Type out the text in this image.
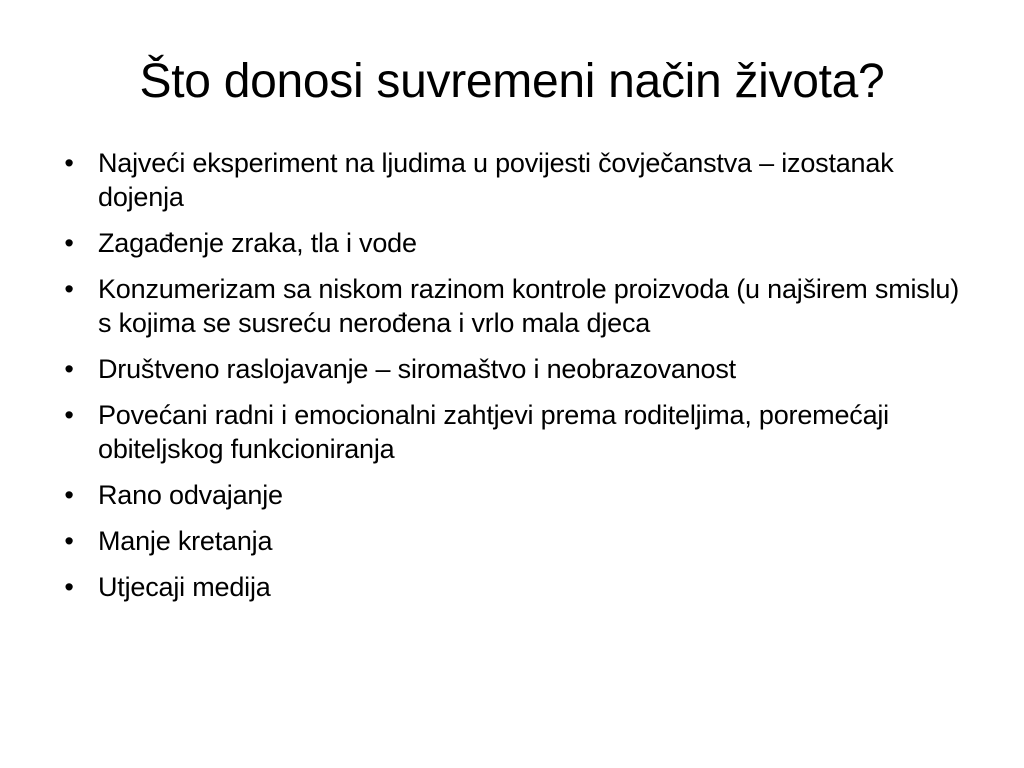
Što donosi suvremeni način života?
• Najveći eksperiment na ljudima u povijesti čovječanstva – izostanak dojenja
• Zagađenje zraka, tla i vode
• Konzumerizam sa niskom razinom kontrole proizvoda (u najširem smislu) s kojima se susreću nerođena i vrlo mala djeca
• Društveno raslojavanje – siromaštvo i neobrazovanost
• Povećani radni i emocionalni zahtjevi prema roditeljima, poremećaji obiteljskog funkcioniranja
• Rano odvajanje
• Manje kretanja
• Utjecaji medija
